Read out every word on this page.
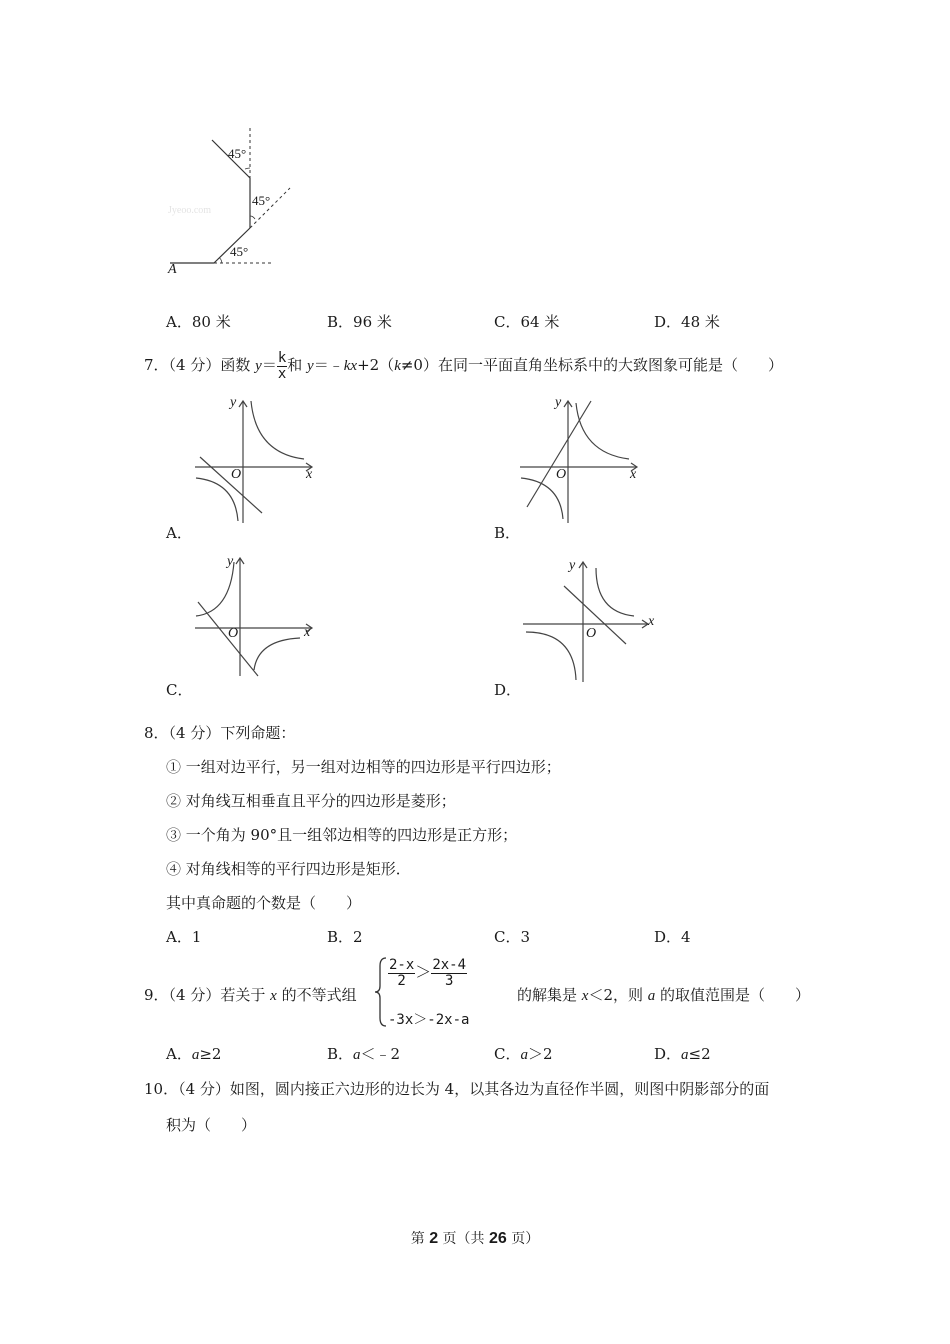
45°
45°
45°
A
Jyeoo.com
A．80 米	B．96 米	C．64 米	D．48 米
7．（4 分）函数 $y= \frac{k}{x}$ 和 y＝﹣kx+2（k≠0）在同一平面直角坐标系中的大致图象可能是（　　）
y
x
O
A．
y
x
O
B．
y
x
O
C．
y
x
O
D．
8．（4 分）下列命题：
① 一组对边平行，另一组对边相等的四边形是平行四边形；
② 对角线互相垂直且平分的四边形是菱形；
③ 一个角为 90°且一组邻边相等的四边形是正方形；
④ 对角线相等的平行四边形是矩形．
其中真命题的个数是（　　）
A．1	B．2	C．3	D．4
9．（4 分）若关于 x 的不等式组
$\frac{2-x}{2} > \frac{2x-4}{3}$
-3x＞-2x-a
的解集是 x＜2，则 a 的取值范围是（　　）
A．a≥2	B．a＜﹣2	C．a＞2	D．a≤2
10．（4 分）如图，圆内接正六边形的边长为 4，以其各边为直径作半圆，则图中阴影部分的面
积为（　　）
第 2 页（共 26 页）
